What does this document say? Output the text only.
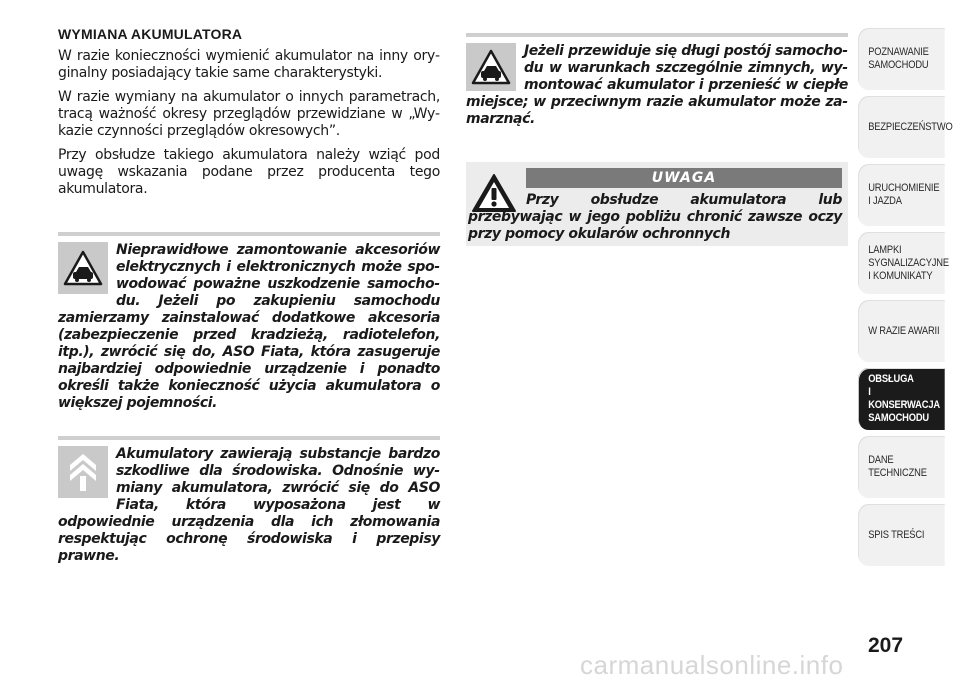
WYMIANA AKUMULATORA

W razie konieczności wymienić akumulator na inny oryginalny posiadający takie same charakterystyki.

W razie wymiany na akumulator o innych parametrach, tracą ważność okresy przeglądów przewidziane w „Wykazie czynności przeglądów okresowych”.

Przy obsłudze takiego akumulatora należy wziąć pod uwagę wskazania podane przez producenta tego akumulatora.

Nieprawidłowe zamontowanie akcesoriów elektrycznych i elektronicznych może spowodować poważne uszkodzenie samochodu. Jeżeli po zakupieniu samochodu zamierzamy zainstalować dodatkowe akcesoria (zabezpieczenie przed kradzieżą, radiotelefon, itp.), zwrócić się do, ASO Fiata, która zasugeruje najbardziej odpowiednie urządzenie i ponadto określi także konieczność użycia akumulatora o większej pojemności.
Akumulatory zawierają substancje bardzo szkodliwe dla środowiska. Odnośnie wymiany akumulatora, zwrócić się do ASO Fiata, która wyposażona jest w odpowiednie urządzenia dla ich złomowania respektując ochronę środowiska i przepisy prawne.
Jeżeli przewiduje się długi postój samochodu w warunkach szczególnie zimnych, wymontować akumulator i przenieść w ciepłe miejsce; w przeciwnym razie akumulator może zamarznąć.
UWAGA
Przy obsłudze akumulatora lub przebywając w jego pobliżu chronić zawsze oczy przy pomocy okularów ochronnych
POZNAWANIE
SAMOCHODU
BEZPIECZEŃSTWO
URUCHOMIENIE
I JAZDA
LAMPKI
SYGNALIZACYJNE
I KOMUNIKATY
W RAZIE AWARII
OBSŁUGA
I KONSERWACJA
SAMOCHODU
DANE
TECHNICZNE
SPIS TREŚCI
207
carmanualsonline.info
